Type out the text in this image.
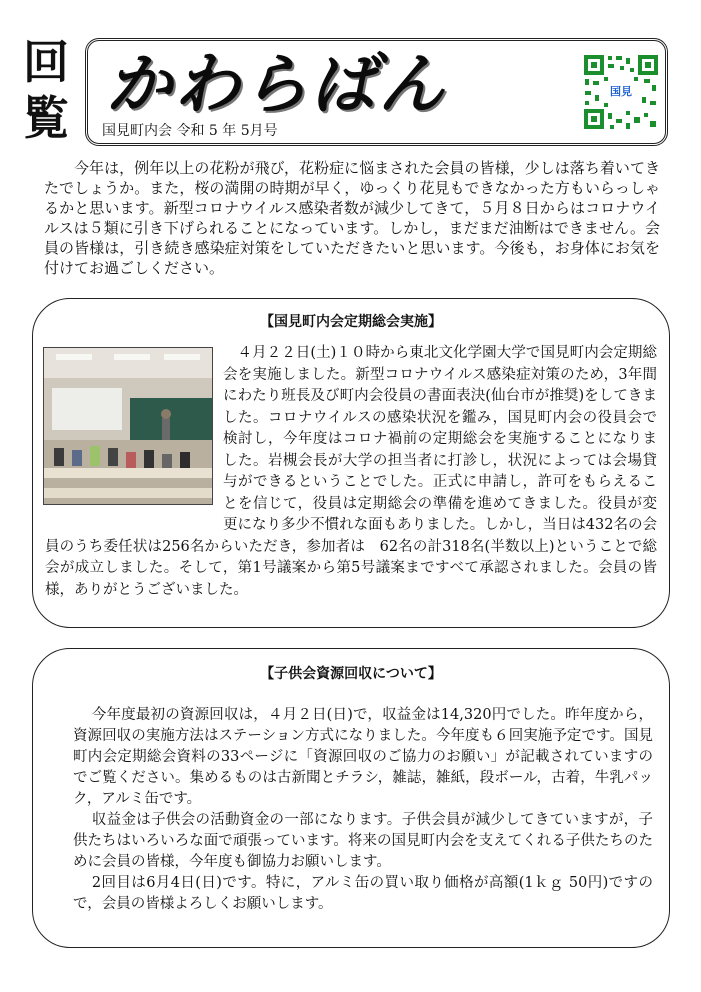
回
覧 かわらばん
国見町内会 令和 5 年 5月号
国見

今年は，例年以上の花粉が飛び，花粉症に悩まされた会員の皆様，少しは落ち着いてきたでしょうか。また，桜の満開の時期が早く，ゆっくり花見もできなかった方もいらっしゃるかと思います。新型コロナウイルス感染者数が減少してきて，５月８日からはコロナウイルスは５類に引き下げられることになっています。しかし，まだまだ油断はできません。会員の皆様は，引き続き感染症対策をしていただきたいと思います。今後も，お身体にお気を付けてお過ごしください。

【国見町内会定期総会実施】

４月２２日(土)１０時から東北文化学園大学で国見町内会定期総会を実施しました。新型コロナウイルス感染症対策のため，3年間にわたり班長及び町内会役員の書面表決(仙台市が推奨)をしてきました。コロナウイルスの感染状況を鑑み，国見町内会の役員会で検討し，今年度はコロナ禍前の定期総会を実施することになりました。岩槻会長が大学の担当者に打診し，状況によっては会場貸与ができるということでした。正式に申請し，許可をもらえることを信じて，役員は定期総会の準備を進めてきました。役員が変更になり多少不慣れな面もありました。しかし，当日は432名の会員のうち委任状は256名からいただき，参加者は　62名の計318名(半数以上)ということで総会が成立しました。そして，第1号議案から第5号議案まですべて承認されました。会員の皆様，ありがとうございました。

【子供会資源回収について】

今年度最初の資源回収は，４月２日(日)で，収益金は14,320円でした。昨年度から，資源回収の実施方法はステーション方式になりました。今年度も６回実施予定です。国見町内会定期総会資料の33ページに「資源回収のご協力のお願い」が記載されていますのでご覧ください。集めるものは古新聞とチラシ，雑誌，雑紙，段ボール，古着，牛乳パック，アルミ缶です。

収益金は子供会の活動資金の一部になります。子供会員が減少してきていますが，子供たちはいろいろな面で頑張っています。将来の国見町内会を支えてくれる子供たちのために会員の皆様，今年度も御協力お願いします。

2回目は6月4日(日)です。特に，アルミ缶の買い取り価格が高額(1ｋｇ 50円)ですので，会員の皆様よろしくお願いします。
